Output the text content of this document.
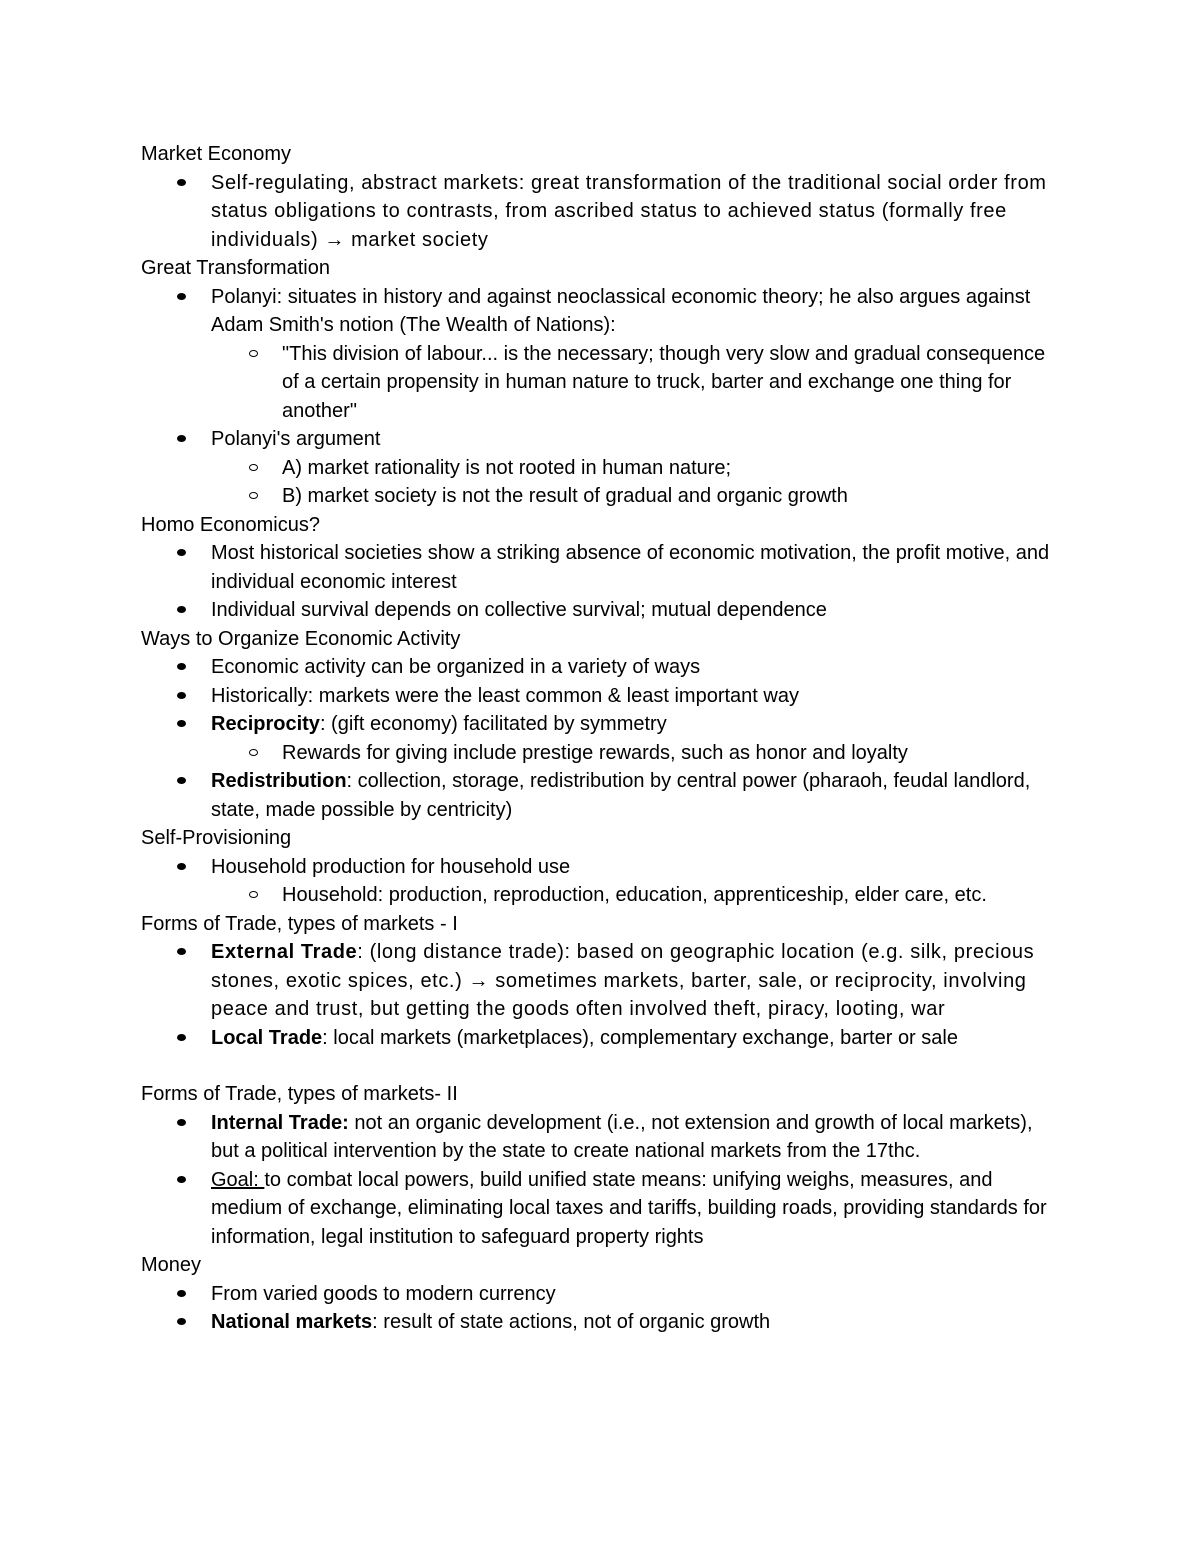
Market Economy

Self-regulating, abstract markets: great transformation of the traditional social order from status obligations to contrasts, from ascribed status to achieved status (formally free individuals) → market society

Great Transformation

Polanyi: situates in history and against neoclassical economic theory; he also argues against Adam Smith's notion (The Wealth of Nations):
"This division of labour... is the necessary; though very slow and gradual consequence of a certain propensity in human nature to truck, barter and exchange one thing for another"
Polanyi's argument
A) market rationality is not rooted in human nature;
B) market society is not the result of gradual and organic growth

Homo Economicus?

Most historical societies show a striking absence of economic motivation, the profit motive, and individual economic interest
Individual survival depends on collective survival; mutual dependence

Ways to Organize Economic Activity

Economic activity can be organized in a variety of ways
Historically: markets were the least common & least important way
Reciprocity: (gift economy) facilitated by symmetry
Rewards for giving include prestige rewards, such as honor and loyalty
Redistribution: collection, storage, redistribution by central power (pharaoh, feudal landlord, state, made possible by centricity)

Self-Provisioning

Household production for household use
Household: production, reproduction, education, apprenticeship, elder care, etc.

Forms of Trade, types of markets - I

External Trade: (long distance trade): based on geographic location (e.g. silk, precious stones, exotic spices, etc.) → sometimes markets, barter, sale, or reciprocity, involving peace and trust, but getting the goods often involved theft, piracy, looting, war
Local Trade: local markets (marketplaces), complementary exchange, barter or sale

Forms of Trade, types of markets- II

Internal Trade: not an organic development (i.e., not extension and growth of local markets), but a political intervention by the state to create national markets from the 17thc.
Goal: to combat local powers, build unified state means: unifying weighs, measures, and medium of exchange, eliminating local taxes and tariffs, building roads, providing standards for information, legal institution to safeguard property rights

Money

From varied goods to modern currency
National markets: result of state actions, not of organic growth
